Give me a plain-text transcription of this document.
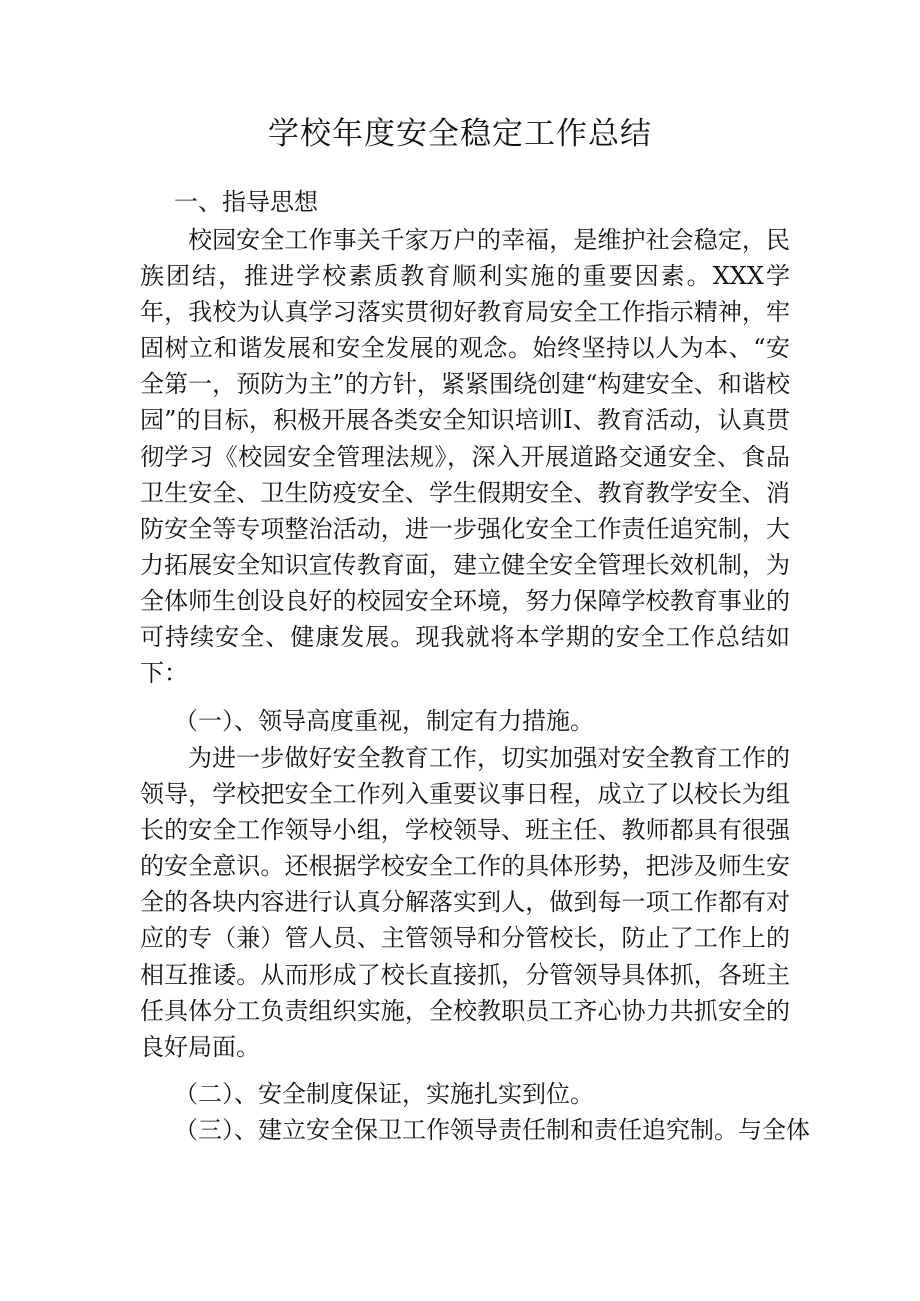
学校年度安全稳定工作总结
一、指导思想

校园安全工作事关千家万户的幸福，是维护社会稳定，民族团结，推进学校素质教育顺利实施的重要因素。XXX学年，我校为认真学习落实贯彻好教育局安全工作指示精神，牢固树立和谐发展和安全发展的观念。始终坚持以人为本、“安全第一，预防为主”的方针，紧紧围绕创建“构建安全、和谐校园”的目标，积极开展各类安全知识培训I、教育活动，认真贯彻学习《校园安全管理法规》，深入开展道路交通安全、食品卫生安全、卫生防疫安全、学生假期安全、教育教学安全、消防安全等专项整治活动，进一步强化安全工作责任追究制，大力拓展安全知识宣传教育面，建立健全安全管理长效机制，为全体师生创设良好的校园安全环境，努力保障学校教育事业的可持续安全、健康发展。现我就将本学期的安全工作总结如下：

（一）、领导高度重视，制定有力措施。

为进一步做好安全教育工作，切实加强对安全教育工作的领导，学校把安全工作列入重要议事日程，成立了以校长为组长的安全工作领导小组，学校领导、班主任、教师都具有很强的安全意识。还根据学校安全工作的具体形势，把涉及师生安全的各块内容进行认真分解落实到人，做到每一项工作都有对应的专（兼）管人员、主管领导和分管校长，防止了工作上的相互推诿。从而形成了校长直接抓，分管领导具体抓，各班主任具体分工负责组织实施，全校教职员工齐心协力共抓安全的良好局面。

（二）、安全制度保证，实施扎实到位。
（三）、建立安全保卫工作领导责任制和责任追究制。与全体
